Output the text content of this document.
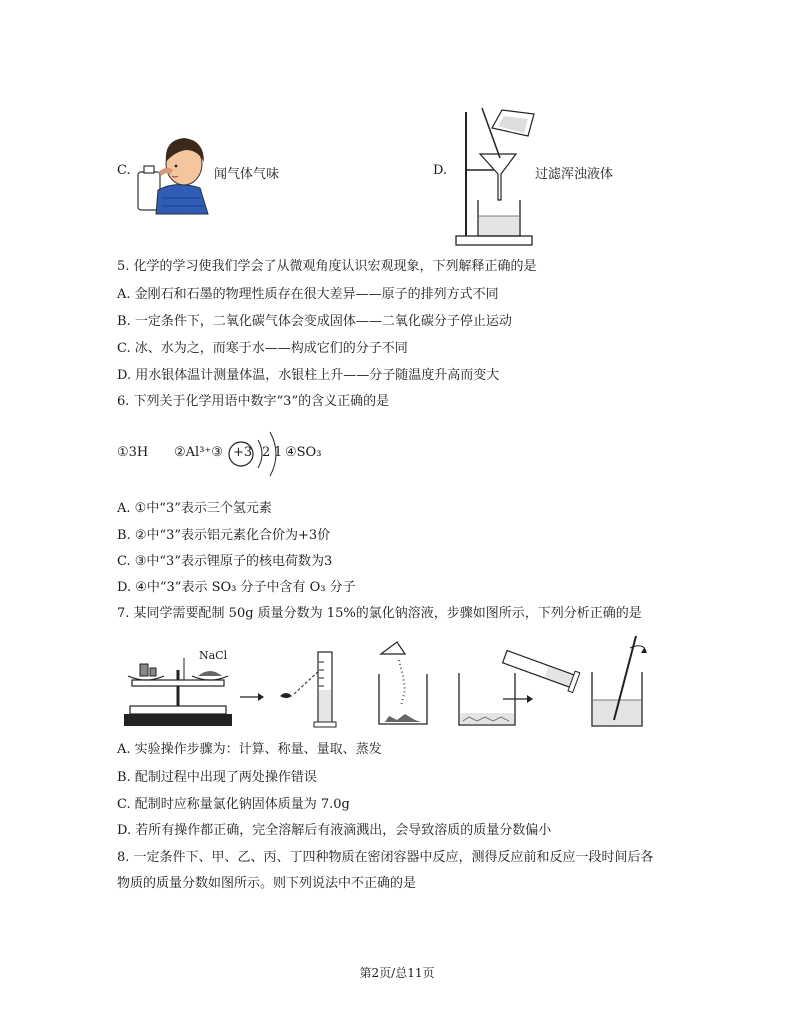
C.	闻气体气味	D.	过滤浑浊液体
5. 化学的学习使我们学会了从微观角度认识宏观现象，下列解释正确的是
A. 金刚石和石墨的物理性质存在很大差异——原子的排列方式不同
B. 一定条件下，二氧化碳气体会变成固体——二氧化碳分子停止运动
C. 冰、水为之，而寒于水——构成它们的分子不同
D. 用水银体温计测量体温，水银柱上升——分子随温度升高而变大
6. 下列关于化学用语中数字“3”的含义正确的是
①3H ②Al³⁺③ +3 2 1 ④SO₃
A. ①中“3”表示三个氢元素
B. ②中“3”表示铝元素化合价为+3价
C. ③中“3”表示锂原子的核电荷数为3
D. ④中“3”表示 SO₃ 分子中含有 O₃ 分子
7. 某同学需要配制 50g 质量分数为 15%的氯化钠溶液，步骤如图所示，下列分析正确的是
NaCl
A. 实验操作步骤为：计算、称量、量取、蒸发
B. 配制过程中出现了两处操作错误
C. 配制时应称量氯化钠固体质量为 7.0g
D. 若所有操作都正确，完全溶解后有液滴溅出，会导致溶质的质量分数偏小
8. 一定条件下、甲、乙、丙、丁四种物质在密闭容器中反应，测得反应前和反应一段时间后各
物质的质量分数如图所示。则下列说法中不正确的是
第2页/总11页
